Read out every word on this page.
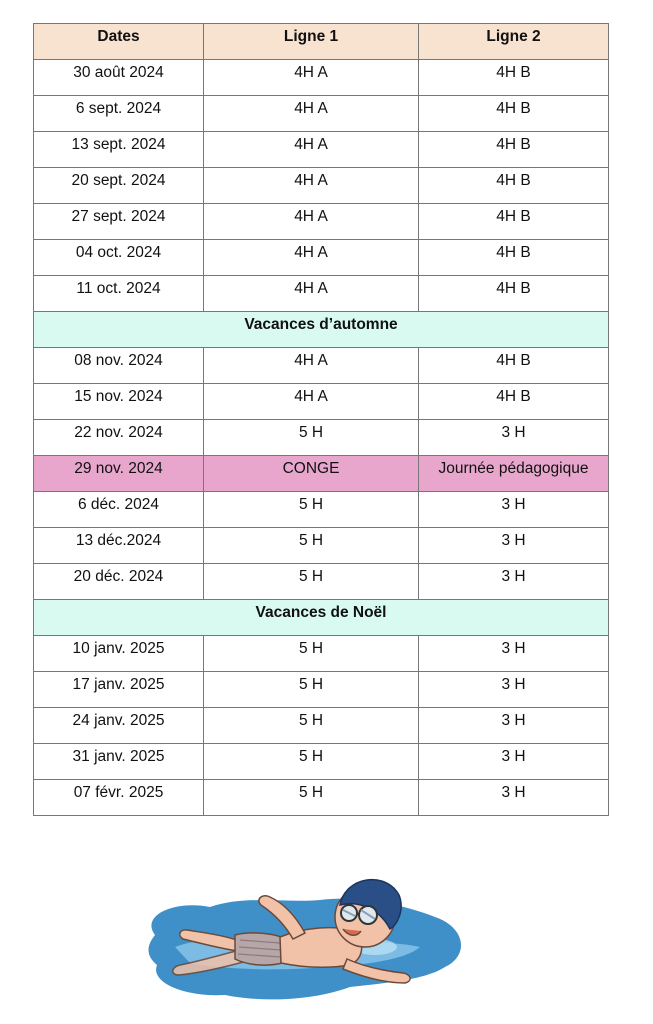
Dates	Ligne 1	Ligne 2
30 août 2024	4H A	4H B
6 sept. 2024	4H A	4H B
13 sept. 2024	4H A	4H B
20 sept. 2024	4H A	4H B
27 sept. 2024	4H A	4H B
04 oct. 2024	4H A	4H B
11 oct. 2024	4H A	4H B
Vacances d’automne		
08 nov. 2024	4H A	4H B
15 nov. 2024	4H A	4H B
22 nov. 2024	5 H	3 H
29 nov. 2024	CONGE	Journée pédagogique
6 déc. 2024	5 H	3 H
13 déc.2024	5 H	3 H
20 déc. 2024	5 H	3 H
Vacances de Noël		
10 janv. 2025	5 H	3 H
17 janv. 2025	5 H	3 H
24 janv. 2025	5 H	3 H
31 janv. 2025	5 H	3 H
07 févr. 2025	5 H	3 H
